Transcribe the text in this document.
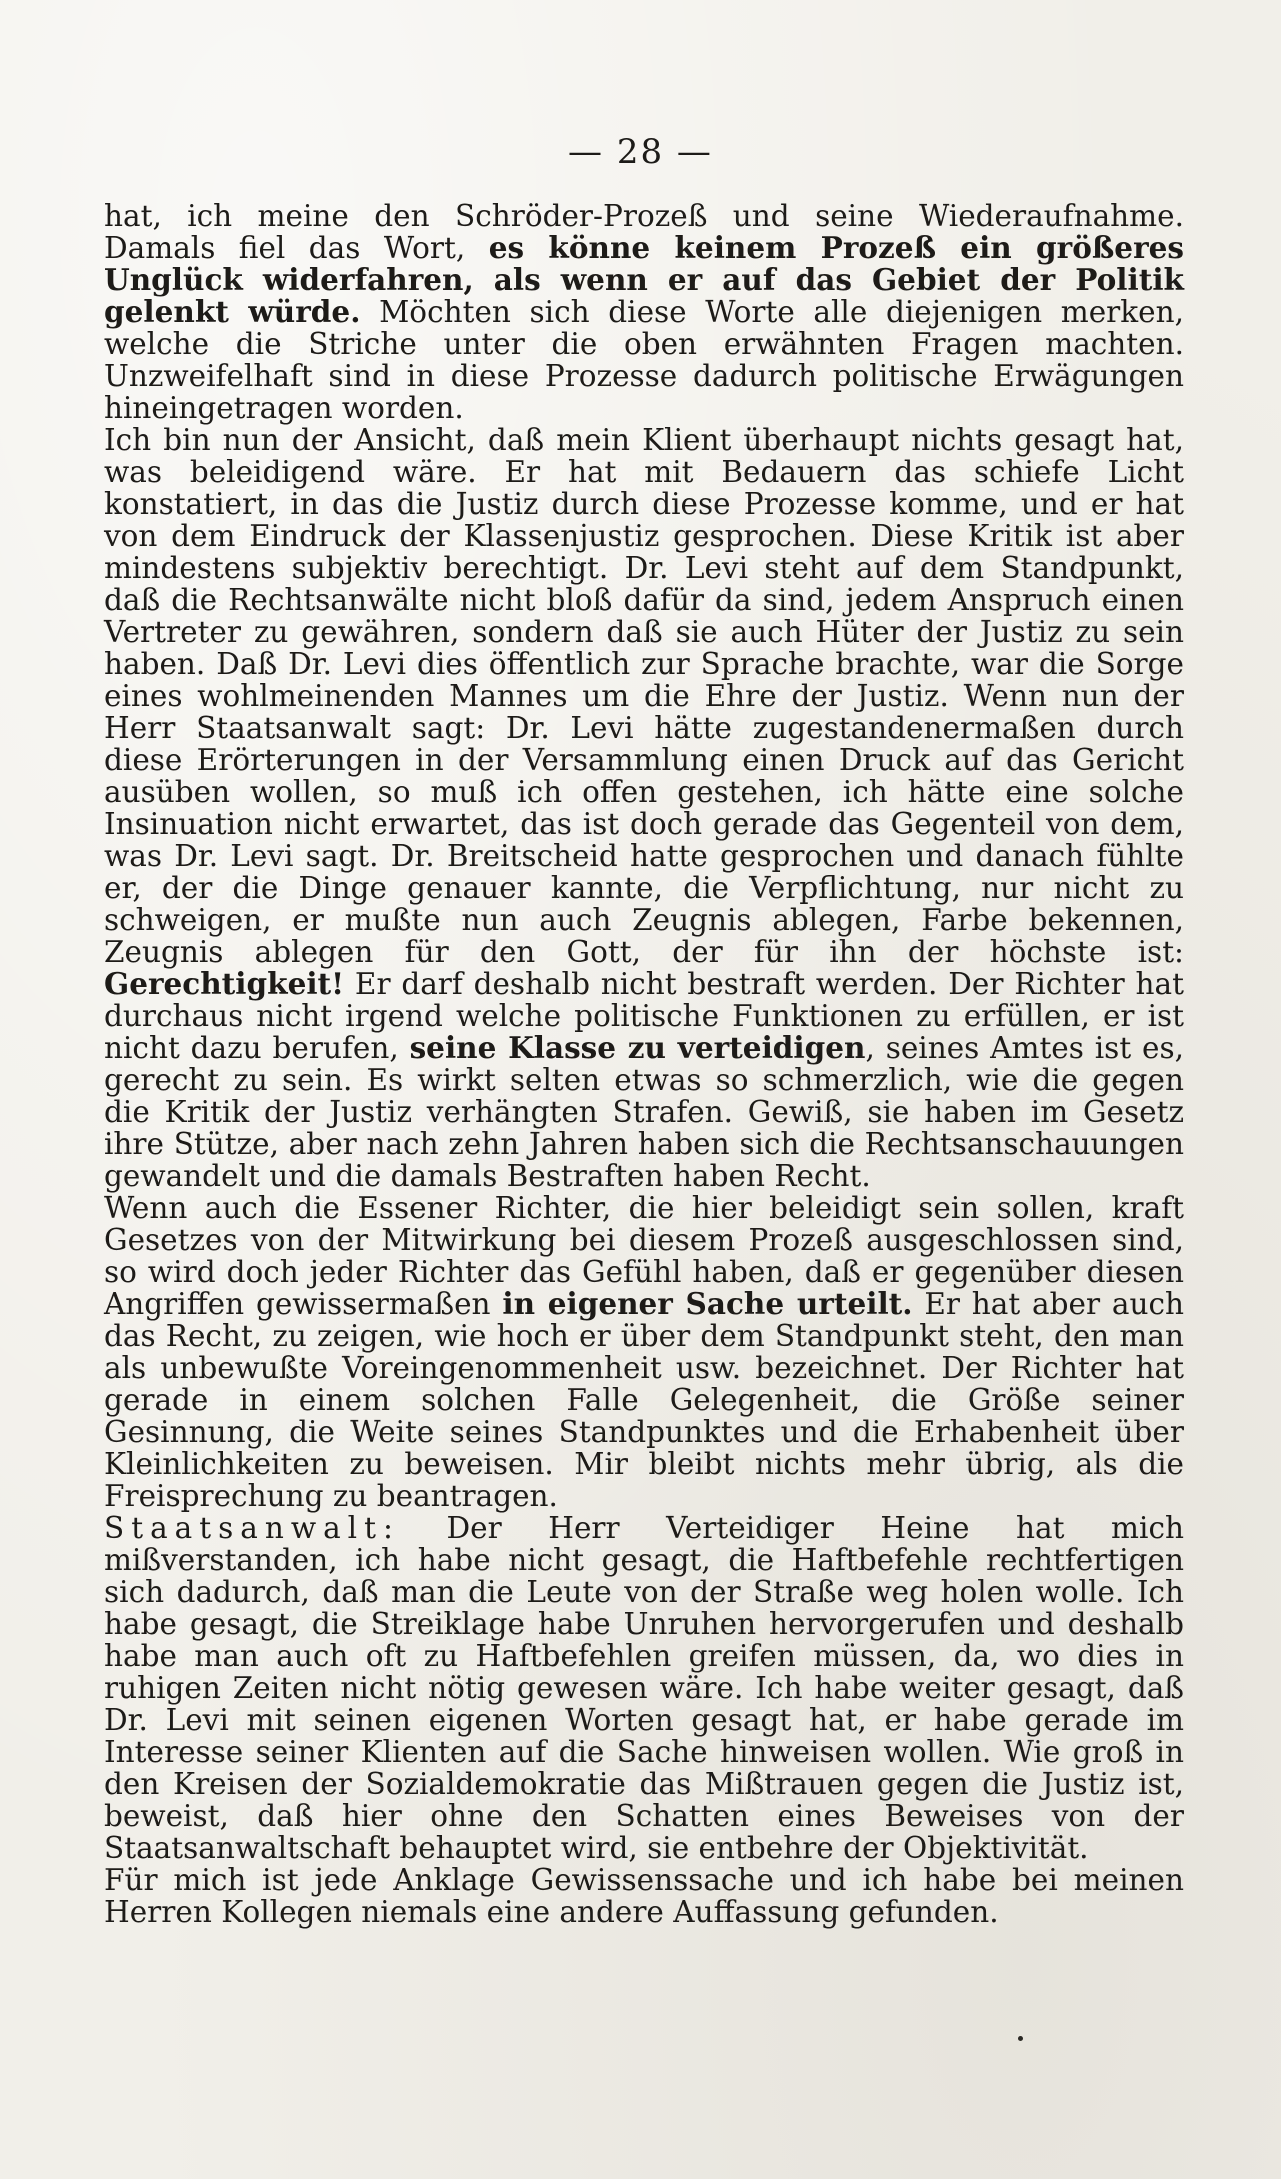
— 28 —

hat, ich meine den Schröder-Prozeß und seine Wiederaufnahme. Damals fiel das Wort, es könne keinem Prozeß ein größeres Unglück widerfahren, als wenn er auf das Gebiet der Politik gelenkt würde. Möchten sich diese Worte alle diejenigen merken, welche die Striche unter die oben erwähnten Fragen machten. Unzweifelhaft sind in diese Prozesse dadurch politische Erwägungen hineingetragen worden.

Ich bin nun der Ansicht, daß mein Klient überhaupt nichts gesagt hat, was beleidigend wäre. Er hat mit Bedauern das schiefe Licht konstatiert, in das die Justiz durch diese Prozesse komme, und er hat von dem Eindruck der Klassenjustiz gesprochen. Diese Kritik ist aber mindestens subjektiv berechtigt. Dr. Levi steht auf dem Standpunkt, daß die Rechtsanwälte nicht bloß dafür da sind, jedem Anspruch einen Vertreter zu gewähren, sondern daß sie auch Hüter der Justiz zu sein haben. Daß Dr. Levi dies öffentlich zur Sprache brachte, war die Sorge eines wohlmeinenden Mannes um die Ehre der Justiz. Wenn nun der Herr Staatsanwalt sagt: Dr. Levi hätte zugestandenermaßen durch diese Erörterungen in der Versammlung einen Druck auf das Gericht ausüben wollen, so muß ich offen gestehen, ich hätte eine solche Insinuation nicht erwartet, das ist doch gerade das Gegenteil von dem, was Dr. Levi sagt. Dr. Breitscheid hatte gesprochen und danach fühlte er, der die Dinge genauer kannte, die Verpflichtung, nur nicht zu schweigen, er mußte nun auch Zeugnis ablegen, Farbe bekennen, Zeugnis ablegen für den Gott, der für ihn der höchste ist: Gerechtigkeit! Er darf deshalb nicht bestraft werden. Der Richter hat durchaus nicht irgend welche politische Funktionen zu erfüllen, er ist nicht dazu berufen, seine Klasse zu verteidigen, seines Amtes ist es, gerecht zu sein. Es wirkt selten etwas so schmerzlich, wie die gegen die Kritik der Justiz verhängten Strafen. Gewiß, sie haben im Gesetz ihre Stütze, aber nach zehn Jahren haben sich die Rechtsanschauungen gewandelt und die damals Bestraften haben Recht.

Wenn auch die Essener Richter, die hier beleidigt sein sollen, kraft Gesetzes von der Mitwirkung bei diesem Prozeß ausgeschlossen sind, so wird doch jeder Richter das Gefühl haben, daß er gegenüber diesen Angriffen gewissermaßen in eigener Sache urteilt. Er hat aber auch das Recht, zu zeigen, wie hoch er über dem Standpunkt steht, den man als unbewußte Voreingenommenheit usw. bezeichnet. Der Richter hat gerade in einem solchen Falle Gelegenheit, die Größe seiner Gesinnung, die Weite seines Standpunktes und die Erhabenheit über Kleinlichkeiten zu beweisen. Mir bleibt nichts mehr übrig, als die Freisprechung zu beantragen.

Staatsanwalt: Der Herr Verteidiger Heine hat mich mißverstanden, ich habe nicht gesagt, die Haftbefehle rechtfertigen sich dadurch, daß man die Leute von der Straße weg holen wolle. Ich habe gesagt, die Streiklage habe Unruhen hervorgerufen und deshalb habe man auch oft zu Haftbefehlen greifen müssen, da, wo dies in ruhigen Zeiten nicht nötig gewesen wäre. Ich habe weiter gesagt, daß Dr. Levi mit seinen eigenen Worten gesagt hat, er habe gerade im Interesse seiner Klienten auf die Sache hinweisen wollen. Wie groß in den Kreisen der Sozialdemokratie das Mißtrauen gegen die Justiz ist, beweist, daß hier ohne den Schatten eines Beweises von der Staatsanwaltschaft behauptet wird, sie entbehre der Objektivität.

Für mich ist jede Anklage Gewissenssache und ich habe bei meinen Herren Kollegen niemals eine andere Auffassung gefunden.
